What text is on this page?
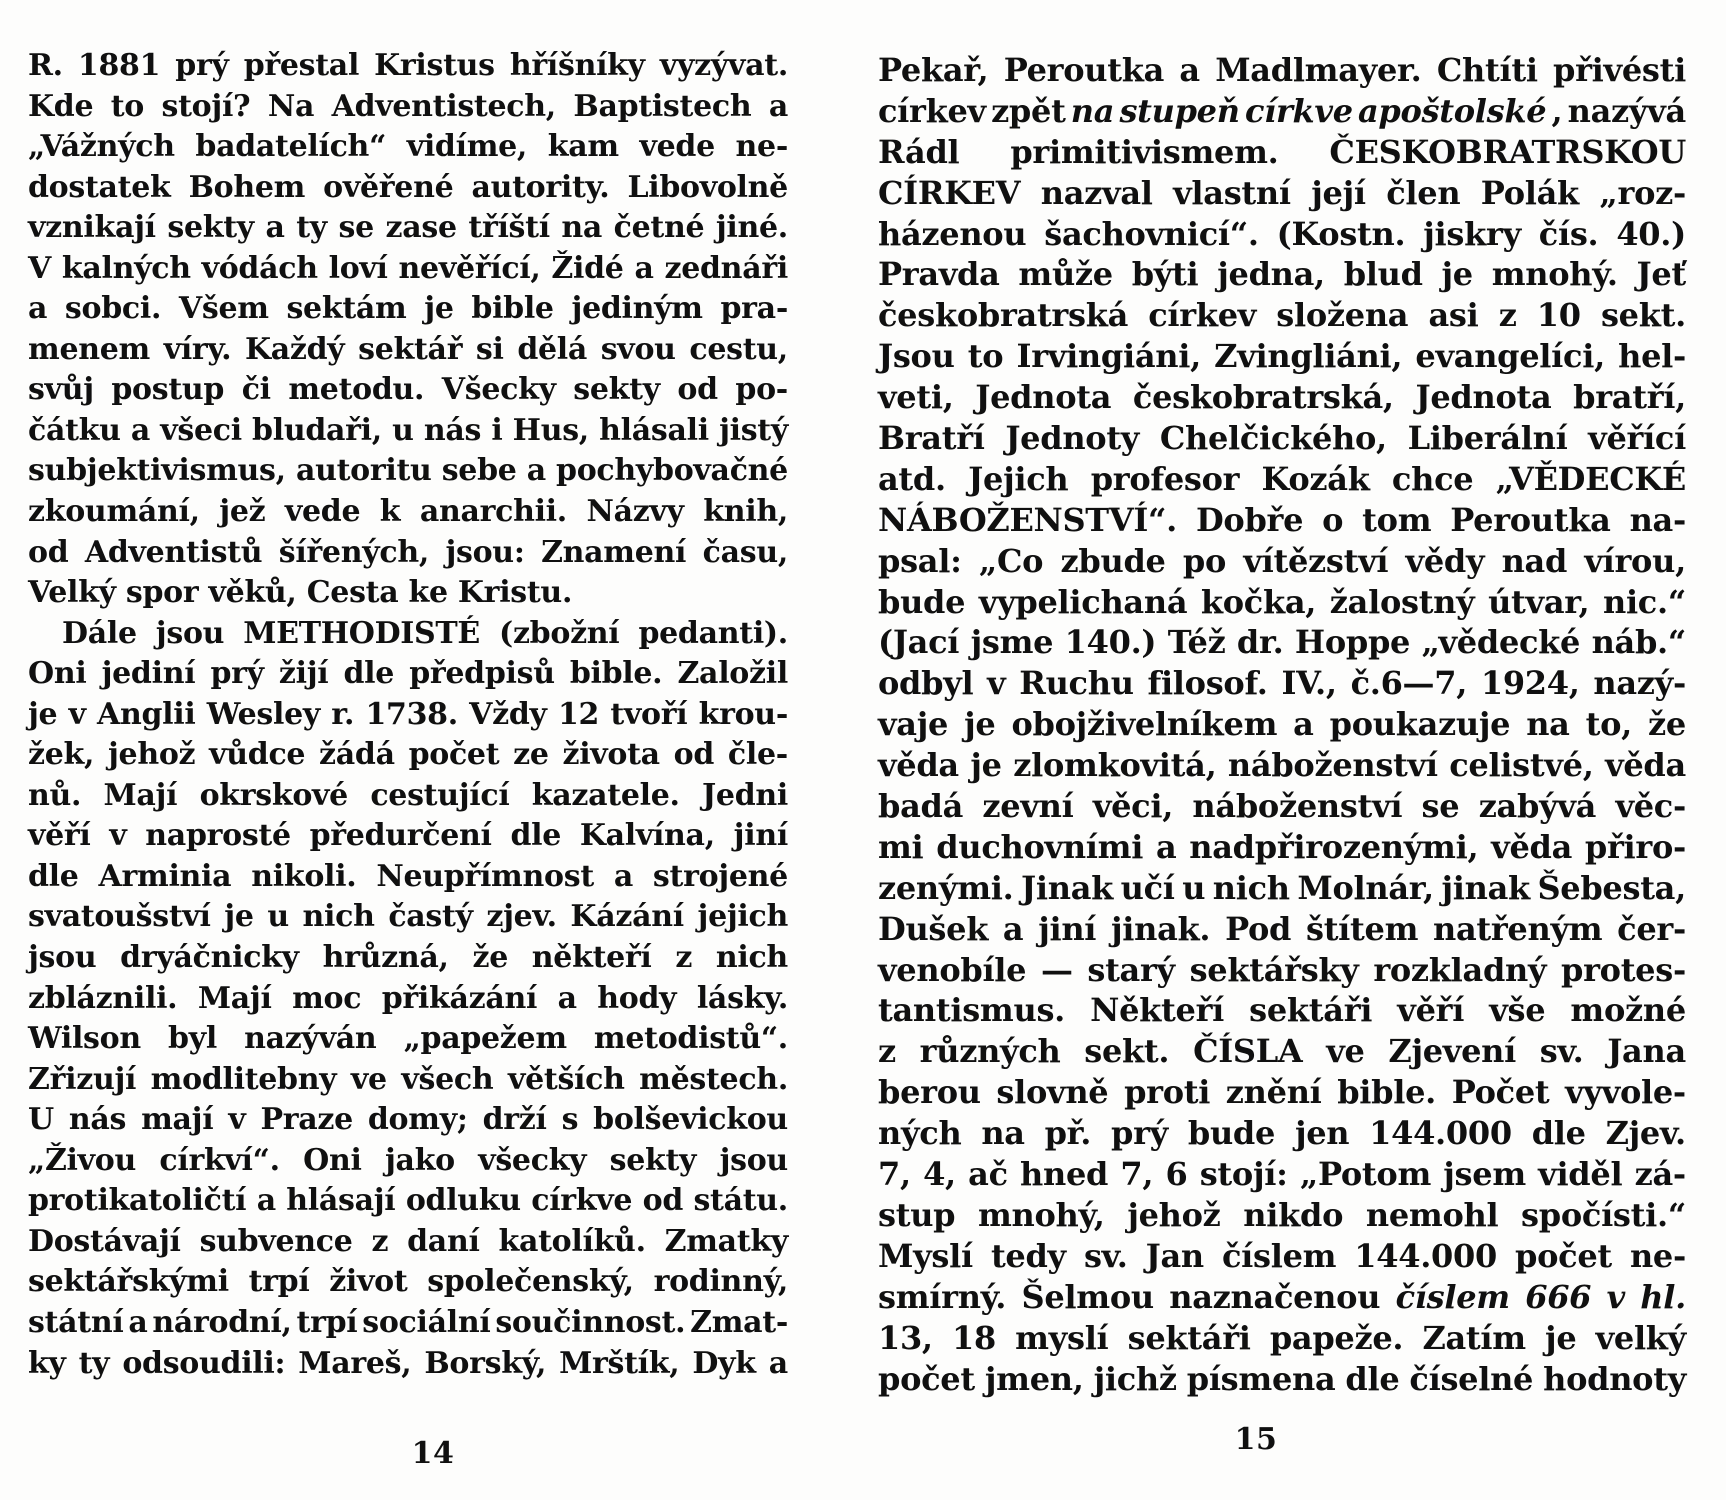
R. 1881 prý přestal Kristus hříšníky vyzývat.
Kde to stojí? Na Adventistech, Baptistech a
„Vážných badatelích“ vidíme, kam vede ne-
dostatek Bohem ověřené autority. Libovolně
vznikají sekty a ty se zase tříští na četné jiné.
V kalných vódách loví nevěřící, Židé a zednáři
a sobci. Všem sektám je bible jediným pra-
menem víry. Každý sektář si dělá svou cestu,
svůj postup či metodu. Všecky sekty od po-
čátku a všeci bludaři, u nás i Hus, hlásali jistý
subjektivismus, autoritu sebe a pochybovačné
zkoumání, jež vede k anarchii. Názvy knih,
od Adventistů šířených, jsou: Znamení času,
Velký spor věků, Cesta ke Kristu.
Dále jsou METHODISTÉ (zbožní pedanti).
Oni jediní prý žijí dle předpisů bible. Založil
je v Anglii Wesley r. 1738. Vždy 12 tvoří krou-
žek, jehož vůdce žádá počet ze života od čle-
nů. Mají okrskové cestující kazatele. Jedni
věří v naprosté předurčení dle Kalvína, jiní
dle Arminia nikoli. Neupřímnost a strojené
svatoušství je u nich častý zjev. Kázání jejich
jsou dryáčnicky hrůzná, že někteří z nich
zbláznili. Mají moc přikázání a hody lásky.
Wilson byl nazýván „papežem metodistů“.
Zřizují modlitebny ve všech větších městech.
U nás mají v Praze domy; drží s bolševickou
„Živou církví“. Oni jako všecky sekty jsou
protikatoličtí a hlásají odluku církve od státu.
Dostávají subvence z daní katolíků. Zmatky
sektářskými trpí život společenský, rodinný,
státní a národní, trpí sociální součinnost. Zmat-
ky ty odsoudili: Mareš, Borský, Mrštík, Dyk a
14
Pekař, Peroutka a Madlmayer. Chtíti přivésti
církev zpět na stupeň církve apoštolské , nazývá
Rádl primitivismem. ČESKOBRATRSKOU
CÍRKEV nazval vlastní její člen Polák „roz-
házenou šachovnicí“. (Kostn. jiskry čís. 40.)
Pravda může býti jedna, blud je mnohý. Jeť
českobratrská církev složena asi z 10 sekt.
Jsou to Irvingiáni, Zvingliáni, evangelíci, hel-
veti, Jednota českobratrská, Jednota bratří,
Bratří Jednoty Chelčického, Liberální věřící
atd. Jejich profesor Kozák chce „VĚDECKÉ
NÁBOŽENSTVÍ“. Dobře o tom Peroutka na-
psal: „Co zbude po vítězství vědy nad vírou,
bude vypelichaná kočka, žalostný útvar, nic.“
(Jací jsme 140.) Též dr. Hoppe „vědecké náb.“
odbyl v Ruchu filosof. IV., č.6—7, 1924, nazý-
vaje je obojživelníkem a poukazuje na to, že
věda je zlomkovitá, náboženství celistvé, věda
badá zevní věci, náboženství se zabývá věc-
mi duchovními a nadpřirozenými, věda přiro-
zenými. Jinak učí u nich Molnár, jinak Šebesta,
Dušek a jiní jinak. Pod štítem natřeným čer-
venobíle — starý sektářsky rozkladný protes-
tantismus. Někteří sektáři věří vše možné
z různých sekt. ČÍSLA ve Zjevení sv. Jana
berou slovně proti znění bible. Počet vyvole-
ných na př. prý bude jen 144.000 dle Zjev.
7, 4, ač hned 7, 6 stojí: „Potom jsem viděl zá-
stup mnohý, jehož nikdo nemohl spočísti.“
Myslí tedy sv. Jan číslem 144.000 počet ne-
smírný. Šelmou naznačenou číslem 666 v hl.
13, 18 myslí sektáři papeže. Zatím je velký
počet jmen, jichž písmena dle číselné hodnoty
15
